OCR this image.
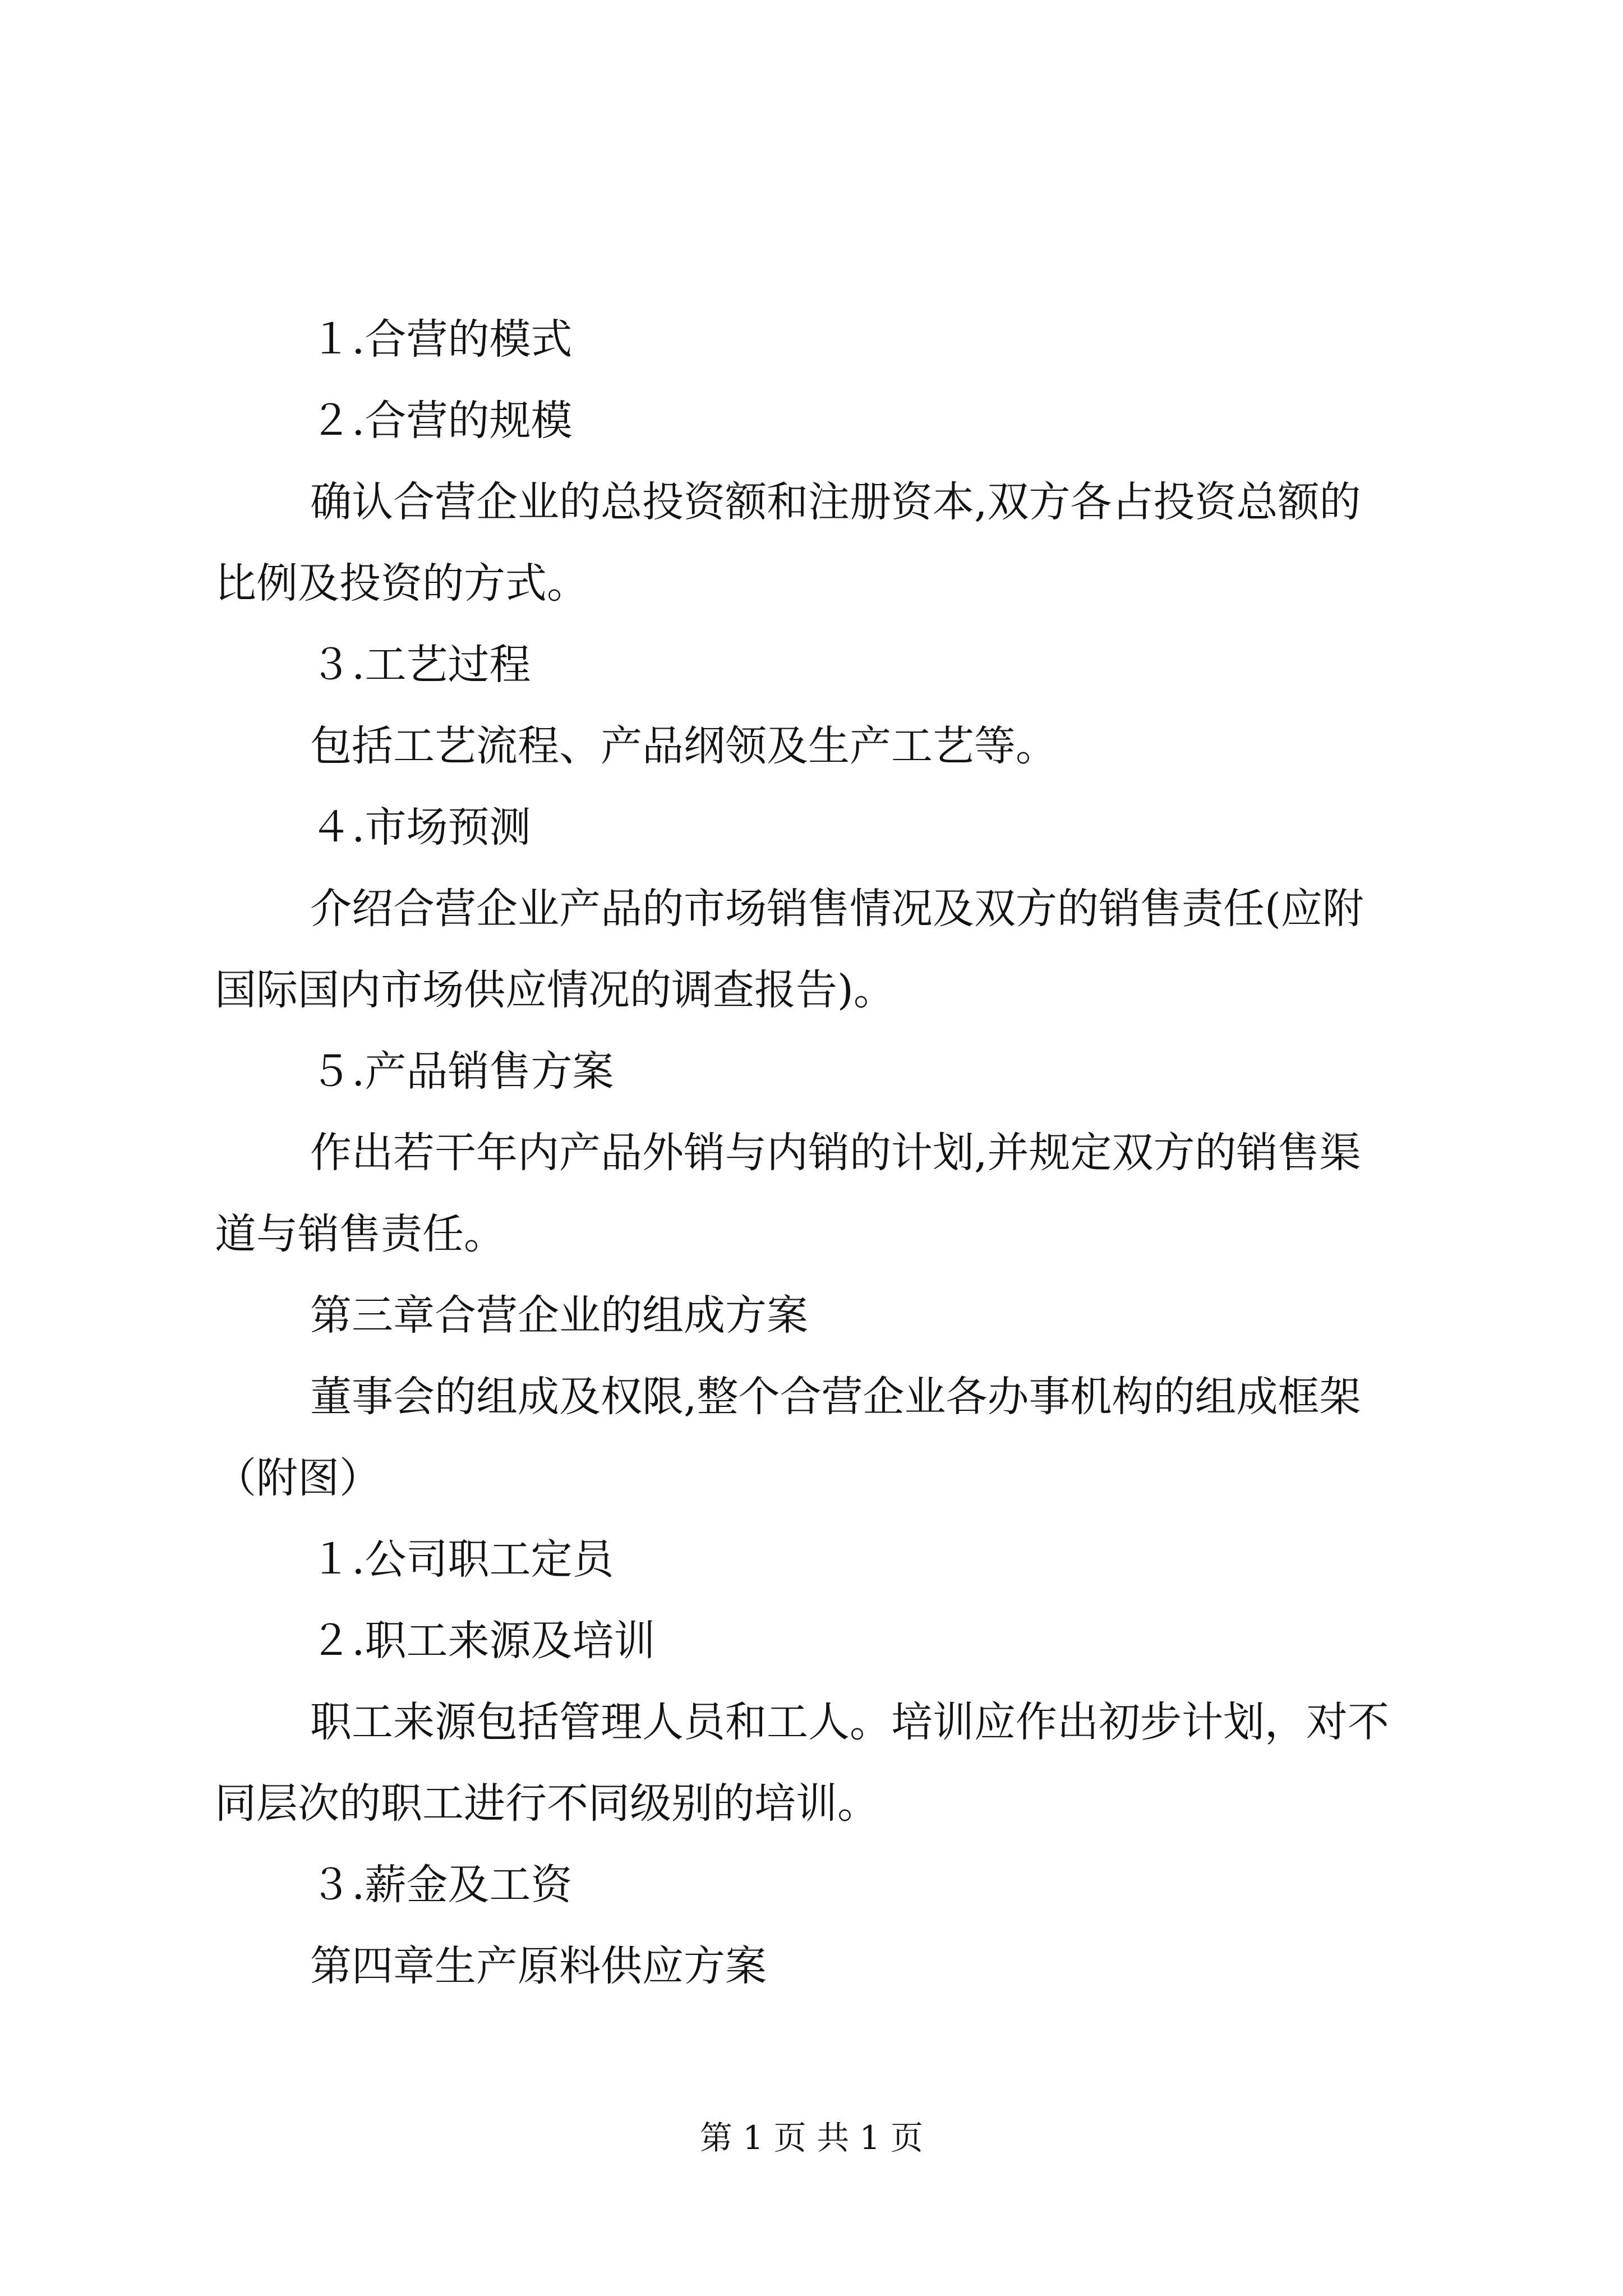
１.合营的模式
２.合营的规模
确认合营企业的总投资额和注册资本,双方各占投资总额的
比例及投资的方式。
３.工艺过程
包括工艺流程、产品纲领及生产工艺等。
４.市场预测
介绍合营企业产品的市场销售情况及双方的销售责任(应附
国际国内市场供应情况的调查报告)。
５.产品销售方案
作出若干年内产品外销与内销的计划,并规定双方的销售渠
道与销售责任。
第三章合营企业的组成方案
董事会的组成及权限,整个合营企业各办事机构的组成框架
（附图）
１.公司职工定员
２.职工来源及培训
职工来源包括管理人员和工人。培训应作出初步计划，对不
同层次的职工进行不同级别的培训。
３.薪金及工资
第四章生产原料供应方案
第 1 页 共 1 页
